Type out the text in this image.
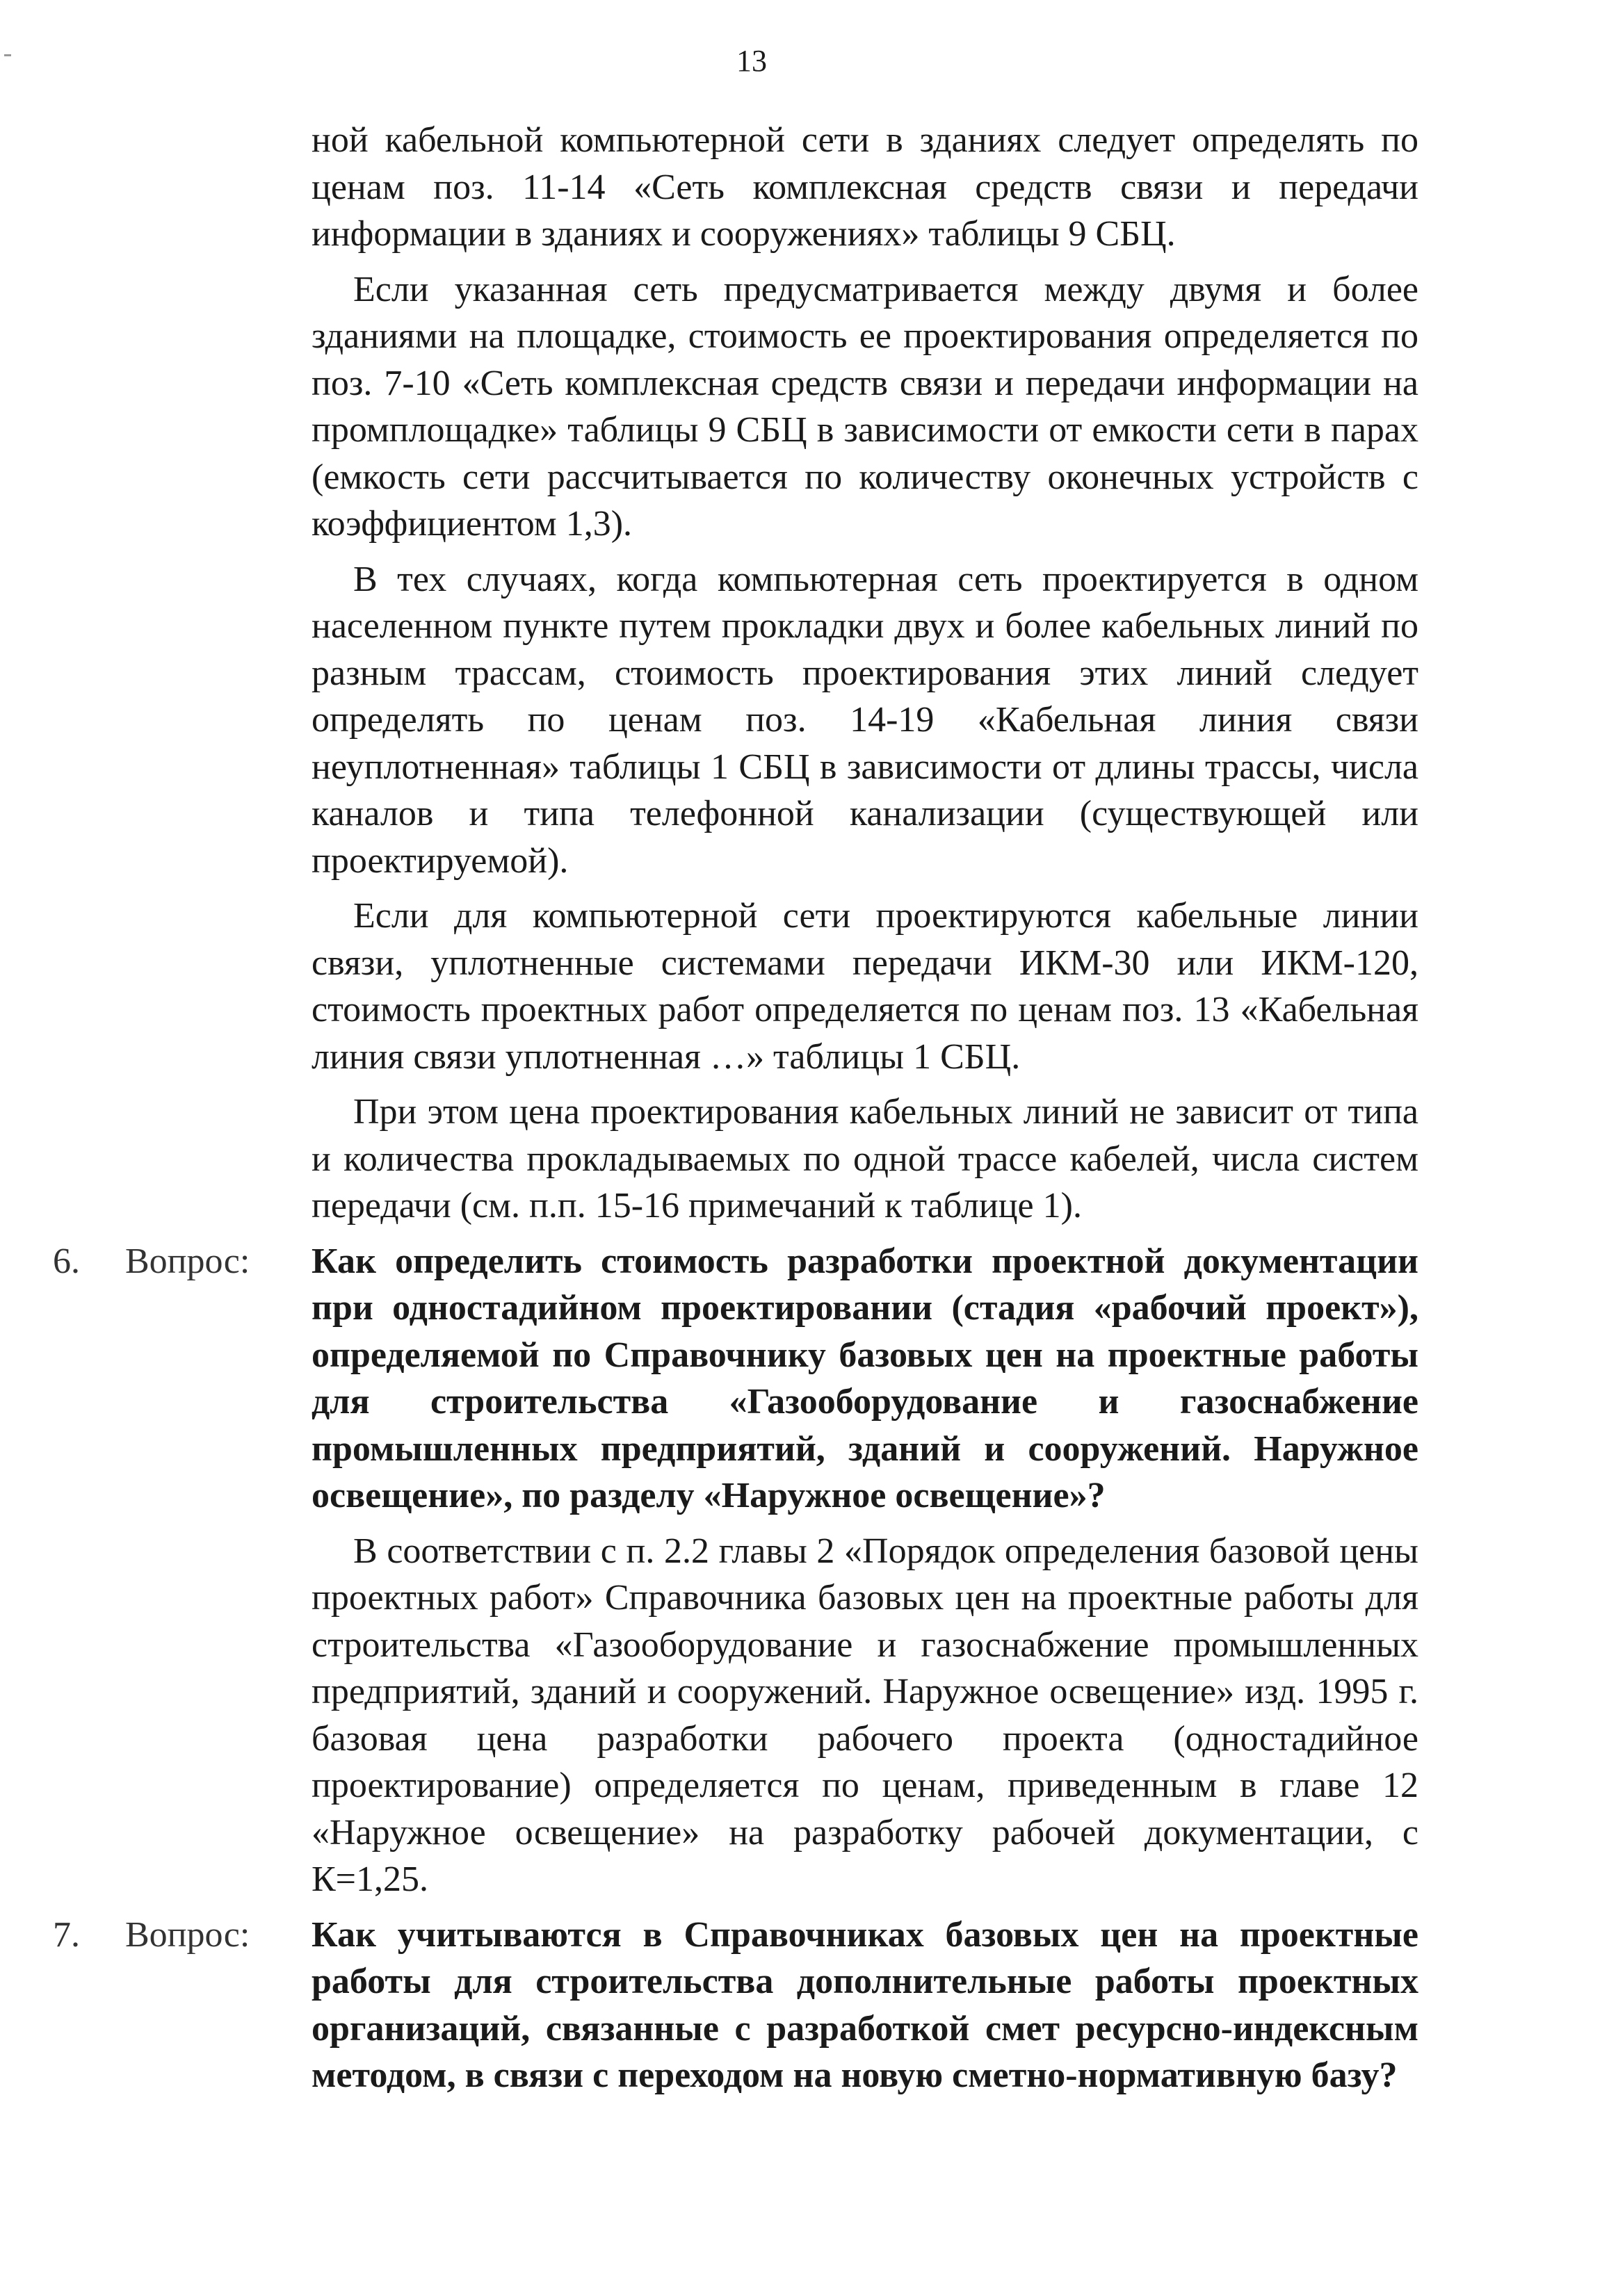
13

ной кабельной компьютерной сети в зданиях следует определять по ценам поз. 11-14 «Сеть комплексная средств связи и передачи информации в зданиях и сооружениях» таблицы 9 СБЦ.

Если указанная сеть предусматривается между двумя и более зданиями на площадке, стоимость ее проектирования определяется по поз. 7-10 «Сеть комплексная средств связи и передачи информации на промплощадке» таблицы 9 СБЦ в зависимости от емкости сети в парах (емкость сети рассчитывается по количеству оконечных устройств с коэффициентом 1,3).

В тех случаях, когда компьютерная сеть проектируется в одном населенном пункте путем прокладки двух и более кабельных линий по разным трассам, стоимость проектирования этих линий следует определять по ценам поз. 14-19 «Кабельная линия связи неуплотненная» таблицы 1 СБЦ в зависимости от длины трассы, числа каналов и типа телефонной канализации (существующей или проектируемой).

Если для компьютерной сети проектируются кабельные линии связи, уплотненные системами передачи ИКМ-30 или ИКМ-120, стоимость проектных работ определяется по ценам поз. 13 «Кабельная линия связи уплотненная …» таблицы 1 СБЦ.

При этом цена проектирования кабельных линий не зависит от типа и количества прокладываемых по одной трассе кабелей, числа систем передачи (см. п.п. 15-16 примечаний к таблице 1).

6. Вопрос: Как определить стоимость разработки проектной документации при одностадийном проектировании (стадия «рабочий проект»), определяемой по Справочнику базовых цен на проектные работы для строительства «Газооборудование и газоснабжение промышленных предприятий, зданий и сооружений. Наружное освещение», по разделу «Наружное освещение»?

В соответствии с п. 2.2 главы 2 «Порядок определения базовой цены проектных работ» Справочника базовых цен на проектные работы для строительства «Газооборудование и газоснабжение промышленных предприятий, зданий и сооружений. Наружное освещение» изд. 1995 г. базовая цена разработки рабочего проекта (одностадийное проектирование) определяется по ценам, приведенным в главе 12 «Наружное освещение» на разработку рабочей документации, с К=1,25.

7. Вопрос: Как учитываются в Справочниках базовых цен на проектные работы для строительства дополнительные работы проектных организаций, связанные с разработкой смет ресурсно-индексным методом, в связи с переходом на новую сметно-нормативную базу?
